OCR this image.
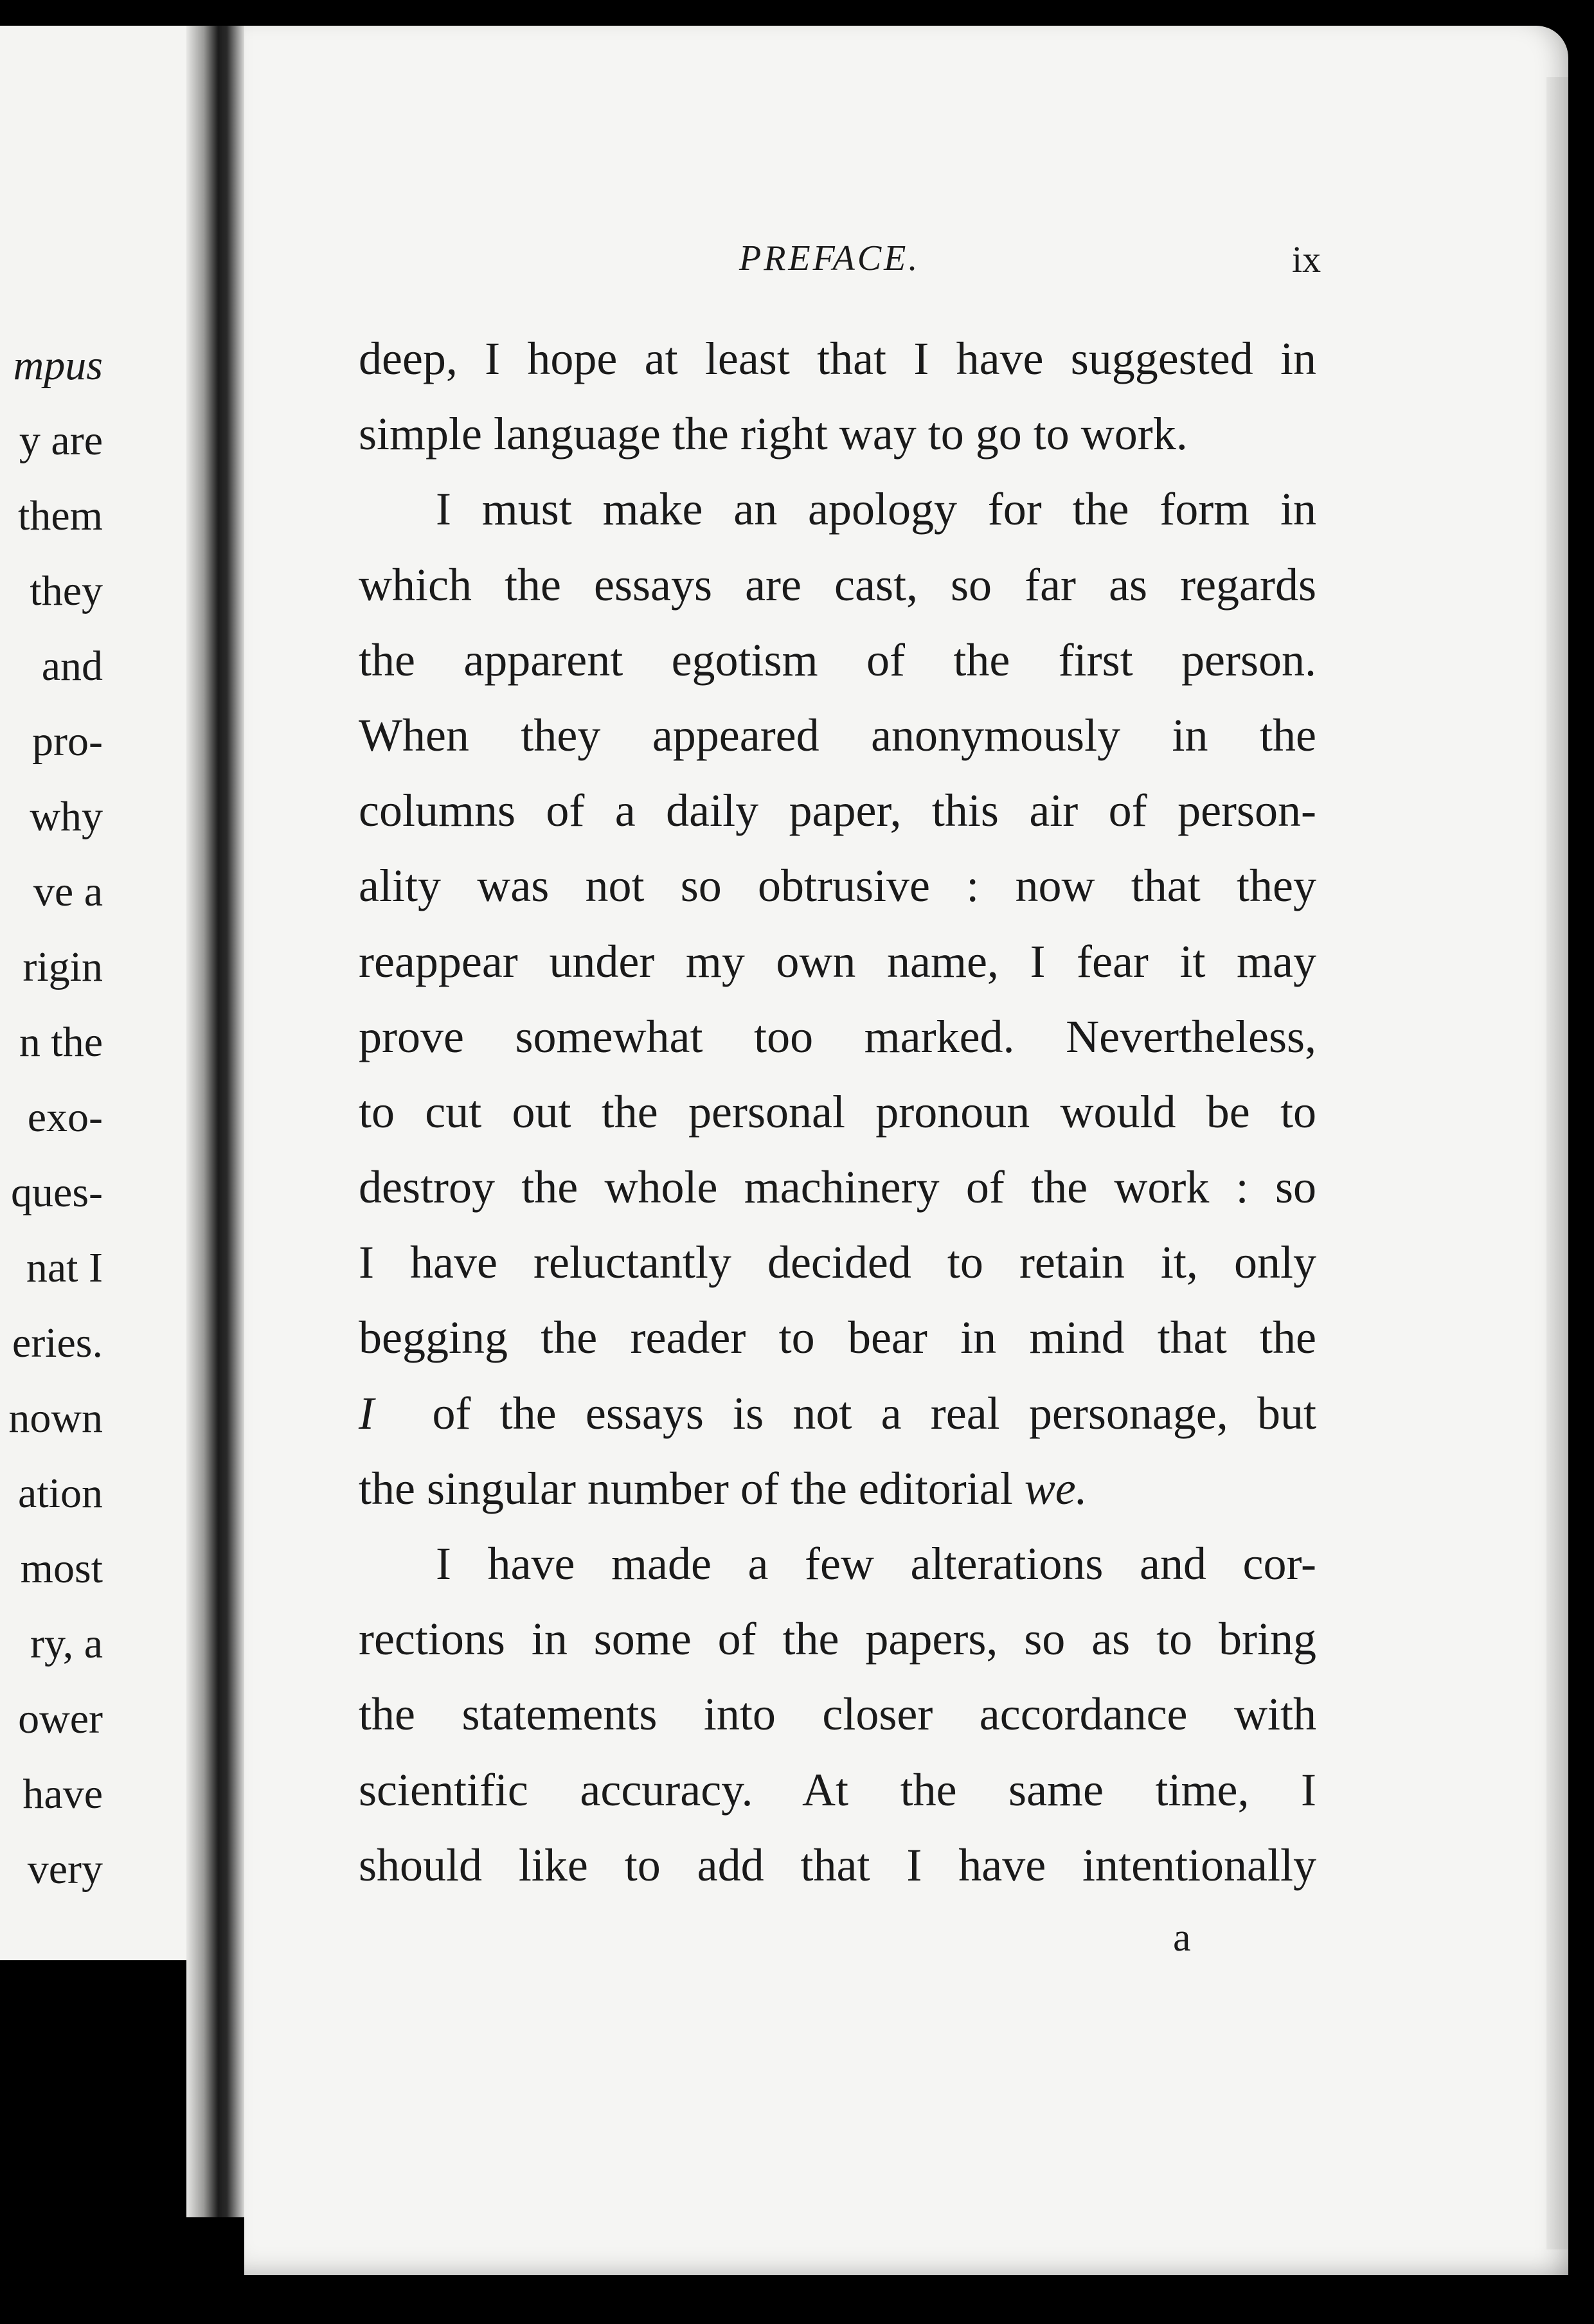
mpus
y are
them
they
and
pro-
why
ve a
rigin
n the
exo-
ques-
nat I
eries.
nown
ation
most
ry, a
ower
have
very
PREFACE.	ix
deep, I hope at least that I have suggested in
simple language the right way to go to work.
I must make an apology for the form in
which the essays are cast, so far as regards
the apparent egotism of the first person.
When they appeared anonymously in the
columns of a daily paper, this air of person-
ality was not so obtrusive : now that they
reappear under my own name, I fear it may
prove somewhat too marked. Nevertheless,
to cut out the personal pronoun would be to
destroy the whole machinery of the work : so
I have reluctantly decided to retain it, only
begging the reader to bear in mind that the
I of the essays is not a real personage, but
the singular number of the editorial we.
I have made a few alterations and cor-
rections in some of the papers, so as to bring
the statements into closer accordance with
scientific accuracy. At the same time, I
should like to add that I have intentionally
a
